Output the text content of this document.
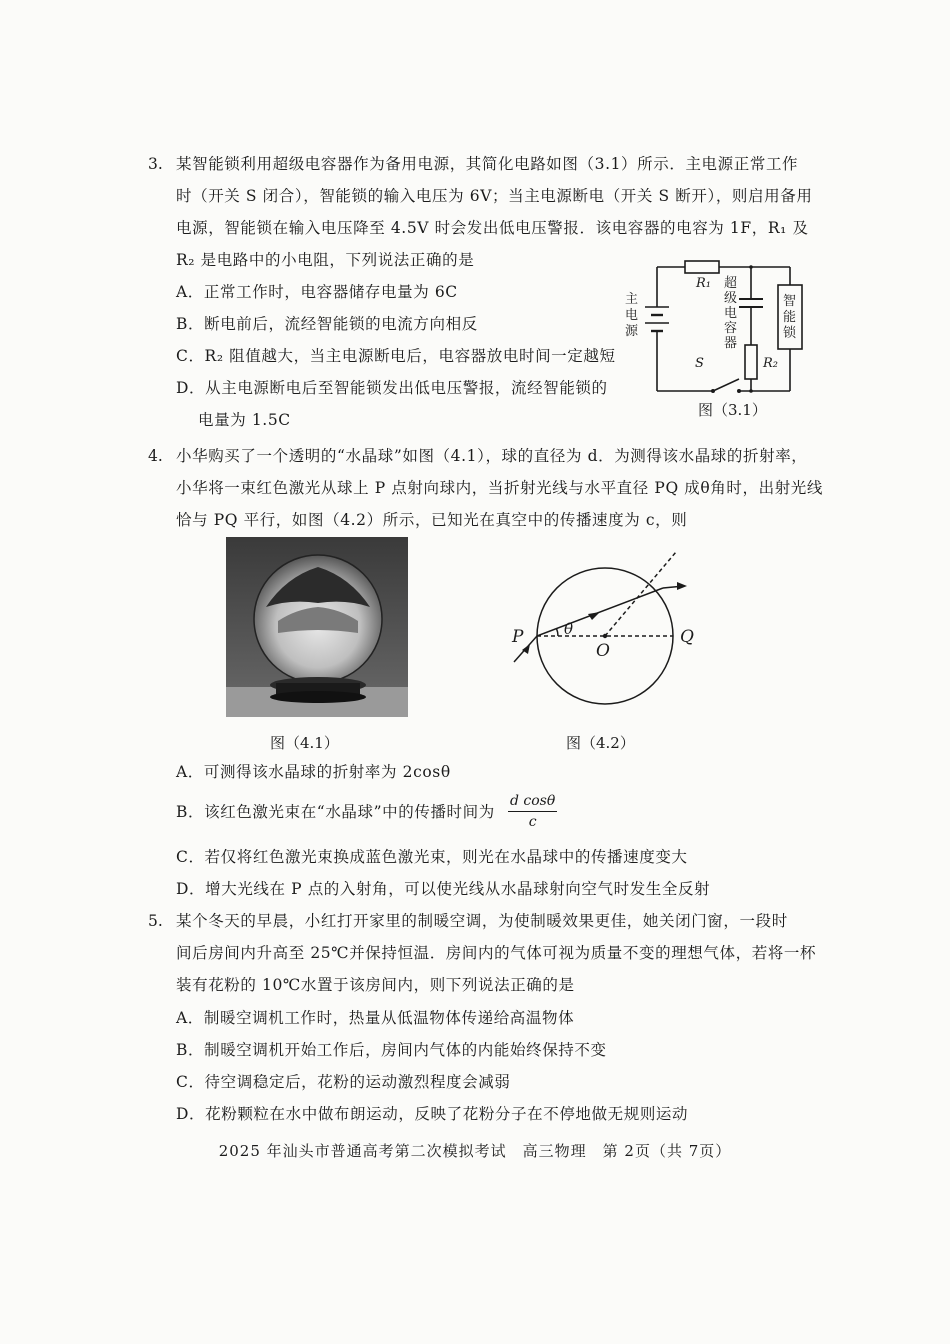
3. 某智能锁利用超级电容器作为备用电源，其简化电路如图（3.1）所示．主电源正常工作
时（开关 S 闭合），智能锁的输入电压为 6V；当主电源断电（开关 S 断开），则启用备用
电源，智能锁在输入电压降至 4.5V 时会发出低电压警报．该电容器的电容为 1F，R₁ 及
R₂ 是电路中的小电阻，下列说法正确的是
A．正常工作时，电容器储存电量为 6C
B．断电前后，流经智能锁的电流方向相反
C．R₂ 阻值越大，当主电源断电后，电容器放电时间一定越短
D．从主电源断电后至智能锁发出低电压警报，流经智能锁的
电量为 1.5C
R₁
R₂
S
主
电
源
超
级
电
容
器
智
能
锁
图（3.1）
4. 小华购买了一个透明的“水晶球”如图（4.1），球的直径为 d．为测得该水晶球的折射率，
小华将一束红色激光从球上 P 点射向球内，当折射光线与水平直径 PQ 成θ角时，出射光线
恰与 PQ 平行，如图（4.2）所示，已知光在真空中的传播速度为 c，则
P	Q
O
θ
图（4.1）	图（4.2）
A．可测得该水晶球的折射率为 2cosθ
B．该红色激光束在“水晶球”中的传播时间为 $\frac{\text{d cosθ}}{c}$
C．若仅将红色激光束换成蓝色激光束，则光在水晶球中的传播速度变大
D．增大光线在 P 点的入射角，可以使光线从水晶球射向空气时发生全反射
5. 某个冬天的早晨，小红打开家里的制暖空调，为使制暖效果更佳，她关闭门窗，一段时
间后房间内升高至 25℃并保持恒温．房间内的气体可视为质量不变的理想气体，若将一杯
装有花粉的 10℃水置于该房间内，则下列说法正确的是
A．制暖空调机工作时，热量从低温物体传递给高温物体
B．制暖空调机开始工作后，房间内气体的内能始终保持不变
C．待空调稳定后，花粉的运动激烈程度会减弱
D．花粉颗粒在水中做布朗运动，反映了花粉分子在不停地做无规则运动
2025 年汕头市普通高考第二次模拟考试　高三物理　第 2页（共 7页）
